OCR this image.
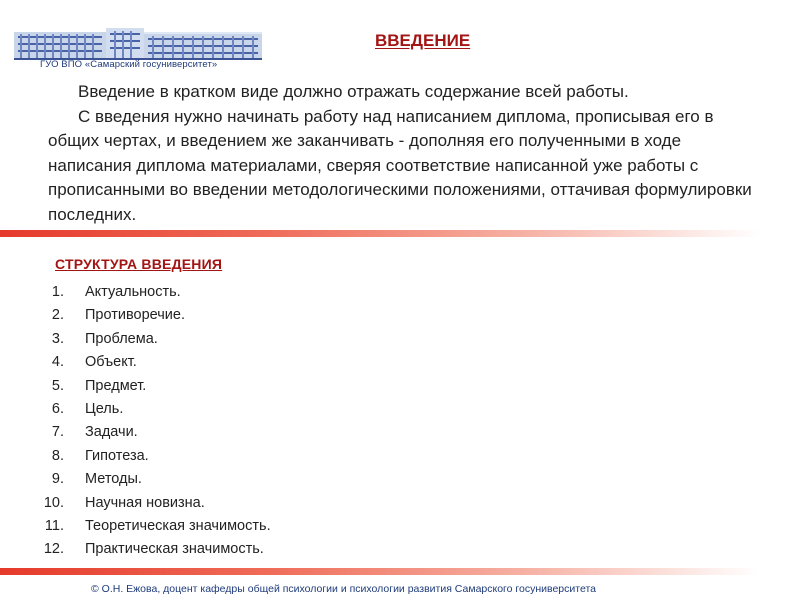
ГУО ВПО «Самарский госуниверситет»
ВВЕДЕНИЕ

Введение в кратком виде должно отражать содержание всей работы.

С введения нужно начинать работу над написанием диплома, прописывая его в общих чертах, и введением же заканчивать - дополняя его полученными в ходе написания диплома материалами, сверяя соответствие написанной уже работы с прописанными во введении методологическими положениями, оттачивая формулировки последних.

СТРУКТУРА ВВЕДЕНИЯ
1. Актуальность.
2. Противоречие.
3. Проблема.
4. Объект.
5. Предмет.
6. Цель.
7. Задачи.
8. Гипотеза.
9. Методы.
10. Научная новизна.
11. Теоретическая значимость.
12. Практическая значимость.
© О.Н. Ежова, доцент кафедры общей психологии и психологии развития Самарского госуниверситета
